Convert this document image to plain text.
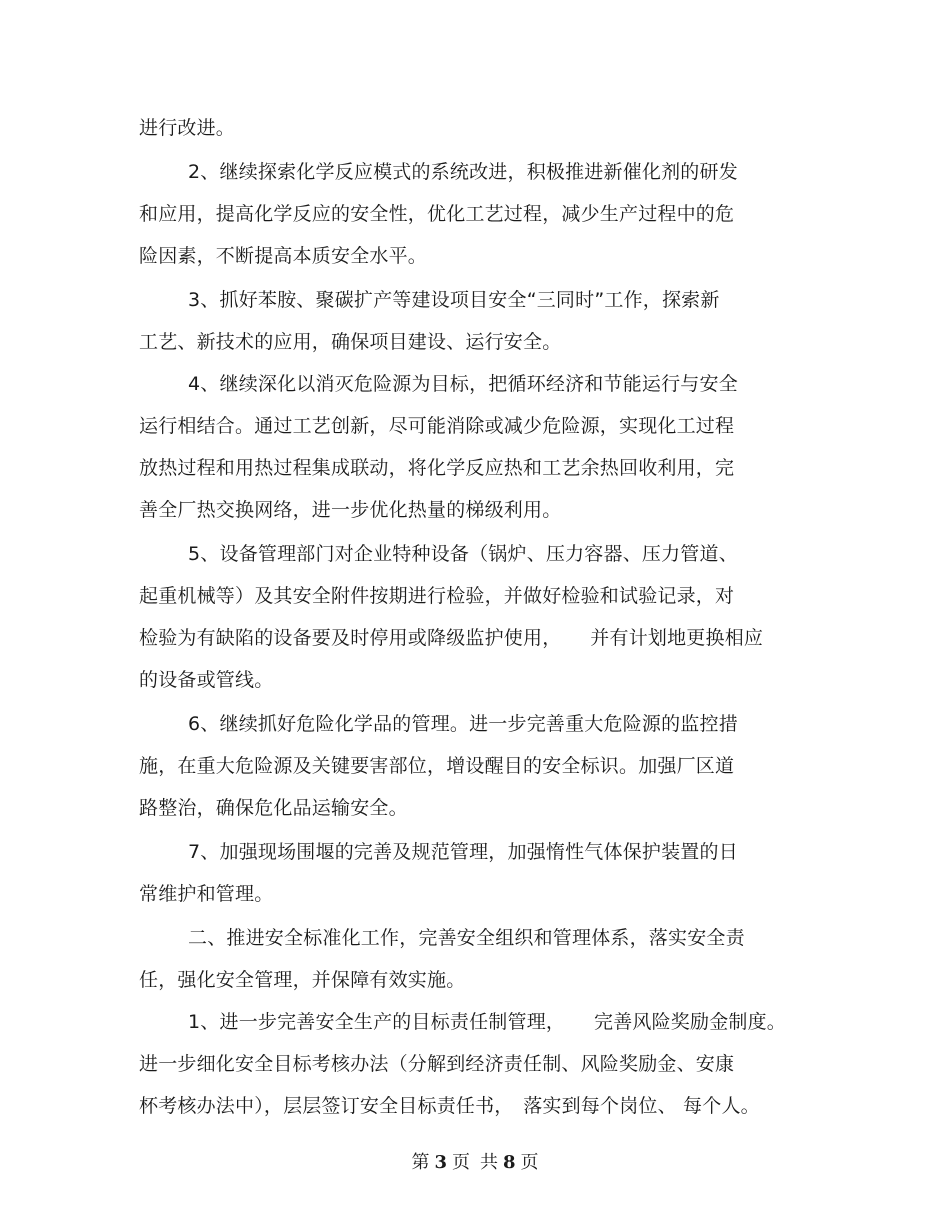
进行改进。
2、继续探索化学反应模式的系统改进，积极推进新催化剂的研发
和应用，提高化学反应的安全性，优化工艺过程，减少生产过程中的危
险因素，不断提高本质安全水平。
3、抓好苯胺、聚碳扩产等建设项目安全“三同时”工作，探索新
工艺、新技术的应用，确保项目建设、运行安全。
4、继续深化以消灭危险源为目标，把循环经济和节能运行与安全
运行相结合。通过工艺创新，尽可能消除或减少危险源，实现化工过程
放热过程和用热过程集成联动，将化学反应热和工艺余热回收利用，完
善全厂热交换网络，进一步优化热量的梯级利用。
5、设备管理部门对企业特种设备（锅炉、压力容器、压力管道、
起重机械等）及其安全附件按期进行检验，并做好检验和试验记录，对
检验为有缺陷的设备要及时停用或降级监护使用，　　并有计划地更换相应
的设备或管线。
6、继续抓好危险化学品的管理。进一步完善重大危险源的监控措
施，在重大危险源及关键要害部位，增设醒目的安全标识。加强厂区道
路整治，确保危化品运输安全。
7、加强现场围堰的完善及规范管理，加强惰性气体保护装置的日
常维护和管理。
二、推进安全标准化工作，完善安全组织和管理体系，落实安全责
任，强化安全管理，并保障有效实施。
1、进一步完善安全生产的目标责任制管理，　　完善风险奖励金制度。
进一步细化安全目标考核办法（分解到经济责任制、风险奖励金、安康
杯考核办法中），层层签订安全目标责任书，　落实到每个岗位、 每个人。
第 3 页 共 8 页
